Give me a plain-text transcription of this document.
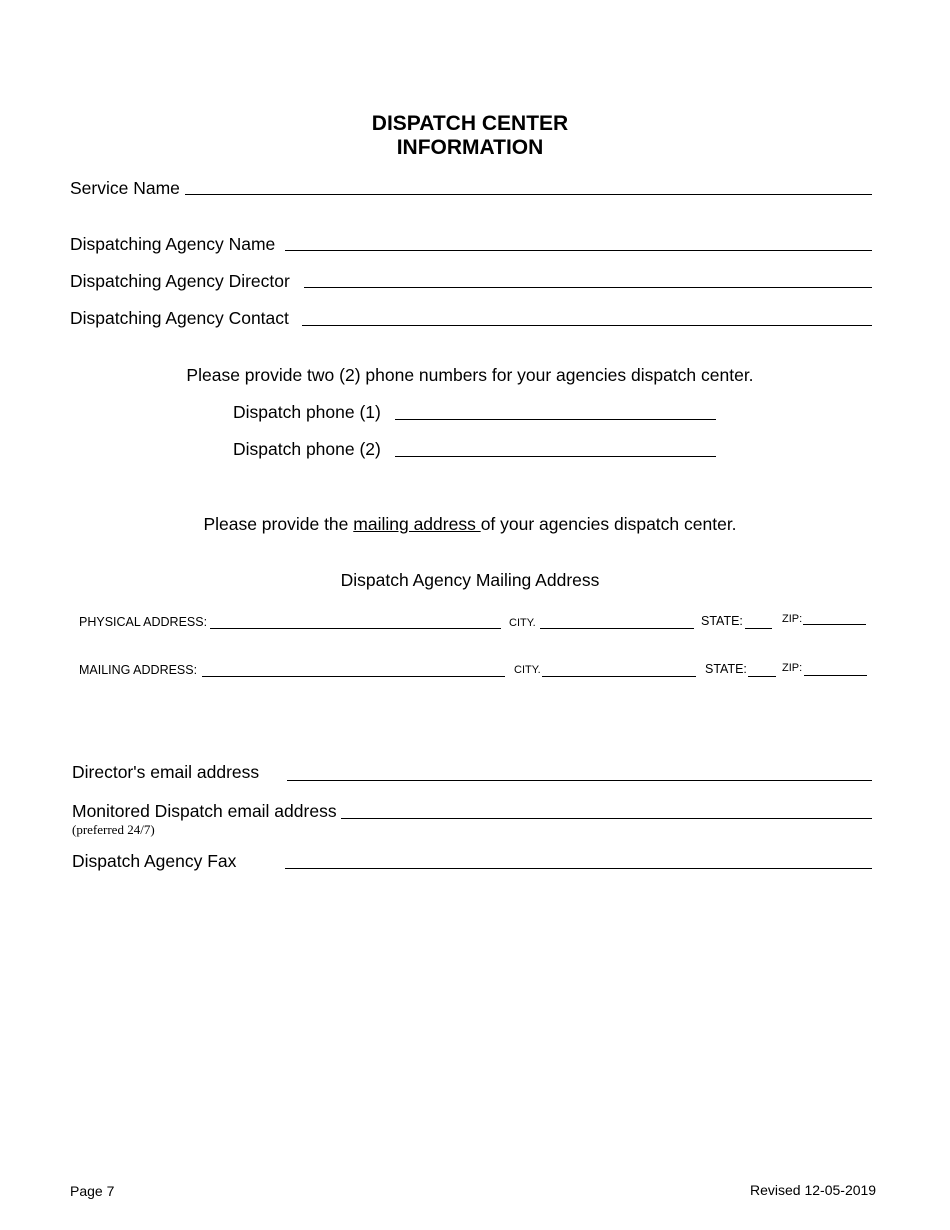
DISPATCH CENTER
INFORMATION
Service Name
Dispatching Agency Name
Dispatching Agency Director
Dispatching Agency Contact
Please provide two (2) phone numbers for your agencies dispatch center.
Dispatch phone (1)
Dispatch phone (2)
Please provide the mailing address of your agencies dispatch center.
Dispatch Agency Mailing Address
PHYSICAL ADDRESS:	CITY.	STATE:	ZIP:
MAILING ADDRESS:	CITY.	STATE:	ZIP:
Director's email address
Monitored Dispatch email address
(preferred 24/7)
Dispatch Agency Fax
Page 7	Revised 12-05-2019
